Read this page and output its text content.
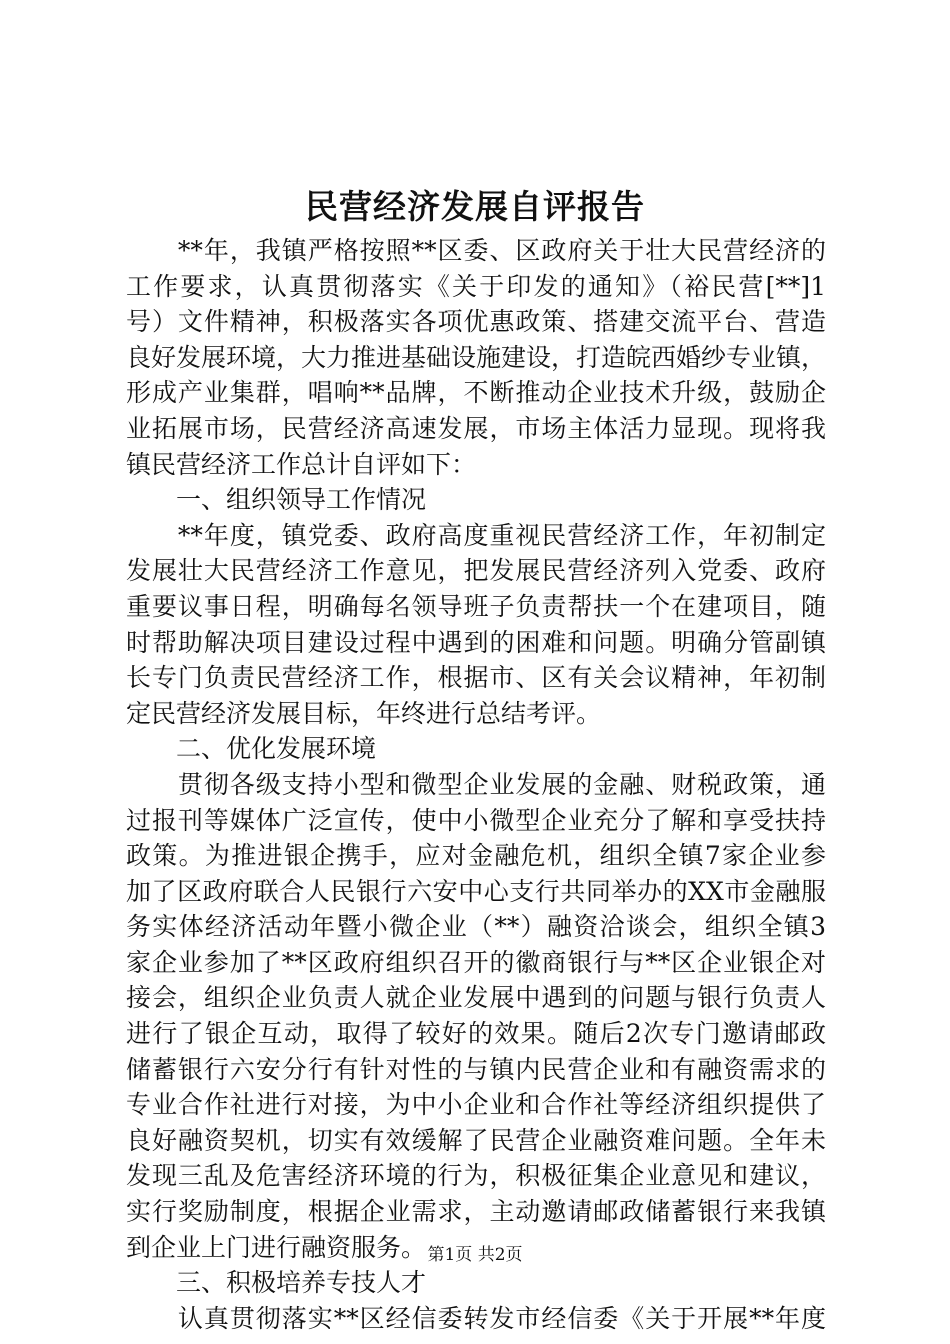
民营经济发展自评报告
　　**年，我镇严格按照**区委、区政府关于壮大民营经济的
工作要求，认真贯彻落实《关于印发的通知》（裕民营[**]1
号）文件精神，积极落实各项优惠政策、搭建交流平台、营造
良好发展环境，大力推进基础设施建设，打造皖西婚纱专业镇，
形成产业集群，唱响**品牌，不断推动企业技术升级，鼓励企
业拓展市场，民营经济高速发展，市场主体活力显现。现将我
镇民营经济工作总计自评如下：
　　一、组织领导工作情况
　　**年度，镇党委、政府高度重视民营经济工作，年初制定
发展壮大民营经济工作意见，把发展民营经济列入党委、政府
重要议事日程，明确每名领导班子负责帮扶一个在建项目，随
时帮助解决项目建设过程中遇到的困难和问题。明确分管副镇
长专门负责民营经济工作，根据市、区有关会议精神，年初制
定民营经济发展目标，年终进行总结考评。
　　二、优化发展环境
　　贯彻各级支持小型和微型企业发展的金融、财税政策，通
过报刊等媒体广泛宣传，使中小微型企业充分了解和享受扶持
政策。为推进银企携手，应对金融危机，组织全镇7家企业参
加了区政府联合人民银行六安中心支行共同举办的XX市金融服
务实体经济活动年暨小微企业（**）融资洽谈会，组织全镇3
家企业参加了**区政府组织召开的徽商银行与**区企业银企对
接会，组织企业负责人就企业发展中遇到的问题与银行负责人
进行了银企互动，取得了较好的效果。随后2次专门邀请邮政
储蓄银行六安分行有针对性的与镇内民营企业和有融资需求的
专业合作社进行对接，为中小企业和合作社等经济组织提供了
良好融资契机，切实有效缓解了民营企业融资难问题。全年未
发现三乱及危害经济环境的行为，积极征集企业意见和建议，
实行奖励制度，根据企业需求，主动邀请邮政储蓄银行来我镇
到企业上门进行融资服务。
　　三、积极培养专技人才
　　认真贯彻落实**区经信委转发市经信委《关于开展**年度
第1页 共2页
